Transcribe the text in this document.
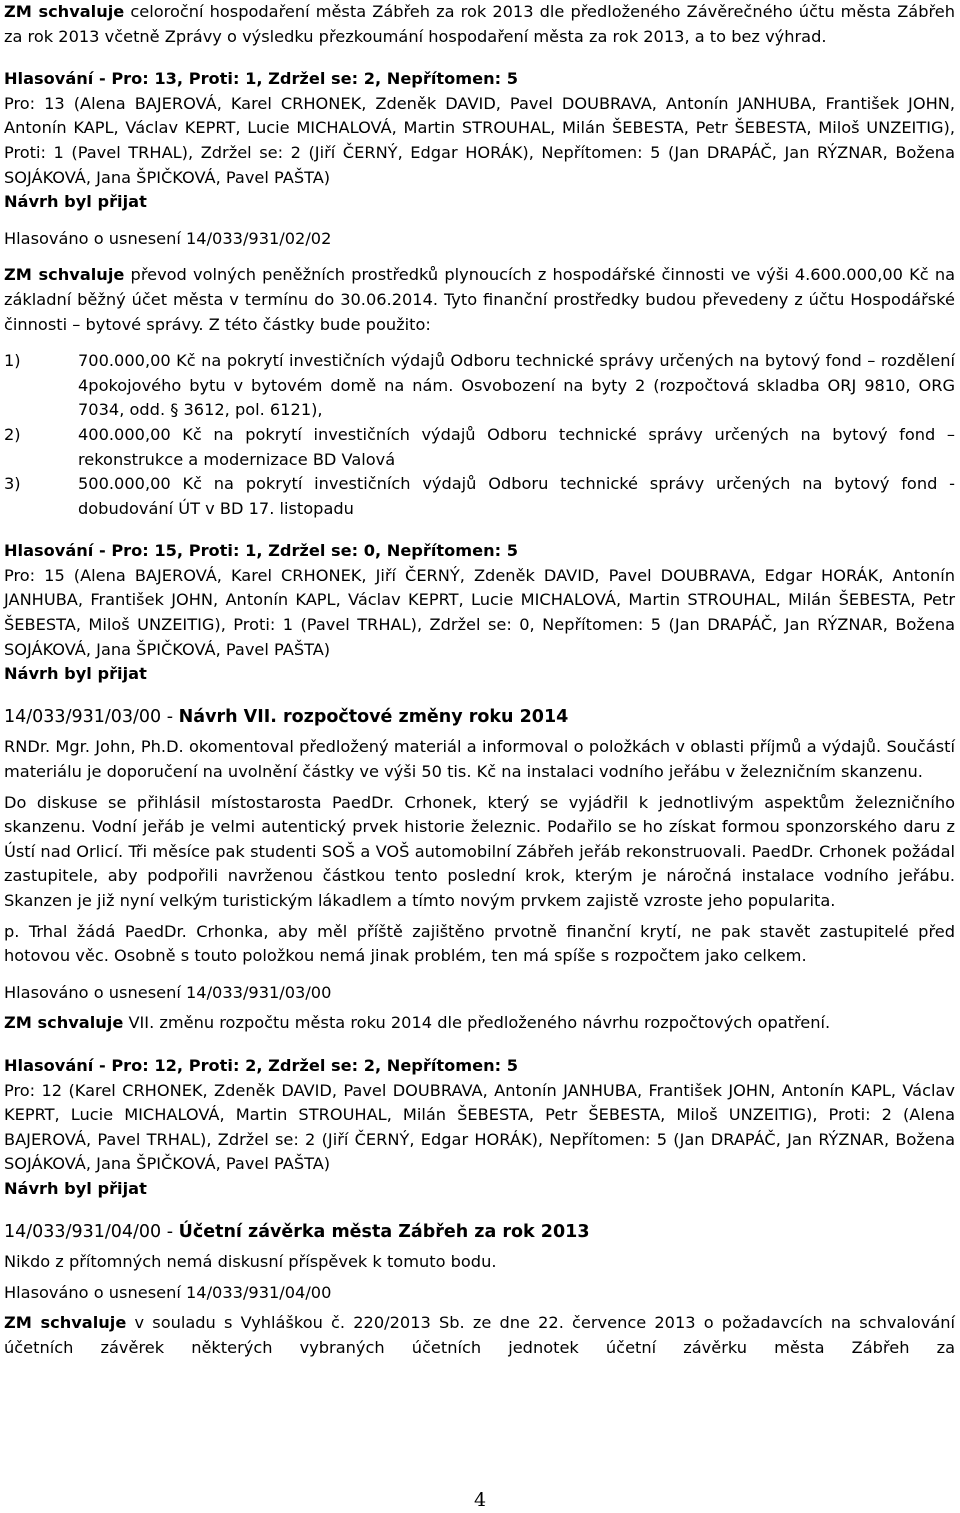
ZM schvaluje celoroční hospodaření města Zábřeh za rok 2013 dle předloženého Závěrečného účtu města Zábřeh za rok 2013 včetně Zprávy o výsledku přezkoumání hospodaření města za rok 2013, a to bez výhrad.

Hlasování - Pro: 13, Proti: 1, Zdržel se: 2, Nepřítomen: 5

Pro: 13 (Alena BAJEROVÁ, Karel CRHONEK, Zdeněk DAVID, Pavel DOUBRAVA, Antonín JANHUBA, František JOHN, Antonín KAPL, Václav KEPRT, Lucie MICHALOVÁ, Martin STROUHAL, Milán ŠEBESTA, Petr ŠEBESTA, Miloš UNZEITIG), Proti: 1 (Pavel TRHAL), Zdržel se: 2 (Jiří ČERNÝ, Edgar HORÁK), Nepřítomen: 5 (Jan DRAPÁČ, Jan RÝZNAR, Božena SOJÁKOVÁ, Jana ŠPIČKOVÁ, Pavel PAŠTA)

Návrh byl přijat

Hlasováno o usnesení 14/033/931/02/02

ZM schvaluje převod volných peněžních prostředků plynoucích z hospodářské činnosti ve výši 4.600.000,00 Kč na základní běžný účet města v termínu do 30.06.2014. Tyto finanční prostředky budou převedeny z účtu Hospodářské činnosti – bytové správy. Z této částky bude použito:

1)	700.000,00 Kč na pokrytí investičních výdajů Odboru technické správy určených na bytový fond – rozdělení 4pokojového bytu v bytovém domě na nám. Osvobození na byty 2 (rozpočtová skladba ORJ 9810, ORG 7034, odd. § 3612, pol. 6121),
2)	400.000,00 Kč na pokrytí investičních výdajů Odboru technické správy určených na bytový fond – rekonstrukce a modernizace BD Valová
3)	500.000,00 Kč na pokrytí investičních výdajů Odboru technické správy určených na bytový fond - dobudování ÚT v BD 17. listopadu

Hlasování - Pro: 15, Proti: 1, Zdržel se: 0, Nepřítomen: 5

Pro: 15 (Alena BAJEROVÁ, Karel CRHONEK, Jiří ČERNÝ, Zdeněk DAVID, Pavel DOUBRAVA, Edgar HORÁK, Antonín JANHUBA, František JOHN, Antonín KAPL, Václav KEPRT, Lucie MICHALOVÁ, Martin STROUHAL, Milán ŠEBESTA, Petr ŠEBESTA, Miloš UNZEITIG), Proti: 1 (Pavel TRHAL), Zdržel se: 0, Nepřítomen: 5 (Jan DRAPÁČ, Jan RÝZNAR, Božena SOJÁKOVÁ, Jana ŠPIČKOVÁ, Pavel PAŠTA)

Návrh byl přijat

14/033/931/03/00 - Návrh VII. rozpočtové změny roku 2014

RNDr. Mgr. John, Ph.D. okomentoval předložený materiál a informoval o položkách v oblasti příjmů a výdajů. Součástí materiálu je doporučení na uvolnění částky ve výši 50 tis. Kč na instalaci vodního jeřábu v železničním skanzenu.

Do diskuse se přihlásil místostarosta PaedDr. Crhonek, který se vyjádřil k jednotlivým aspektům železničního skanzenu. Vodní jeřáb je velmi autentický prvek historie železnic. Podařilo se ho získat formou sponzorského daru z Ústí nad Orlicí. Tři měsíce pak studenti SOŠ a VOŠ automobilní Zábřeh jeřáb rekonstruovali. PaedDr. Crhonek požádal zastupitele, aby podpořili navrženou částkou tento poslední krok, kterým je náročná instalace vodního jeřábu. Skanzen je již nyní velkým turistickým lákadlem a tímto novým prvkem zajistě vzroste jeho popularita.

p. Trhal žádá PaedDr. Crhonka, aby měl příště zajištěno prvotně finanční krytí, ne pak stavět zastupitelé před hotovou věc. Osobně s touto položkou nemá jinak problém, ten má spíše s rozpočtem jako celkem.

Hlasováno o usnesení 14/033/931/03/00

ZM schvaluje VII. změnu rozpočtu města roku 2014 dle předloženého návrhu rozpočtových opatření.

Hlasování - Pro: 12, Proti: 2, Zdržel se: 2, Nepřítomen: 5

Pro: 12 (Karel CRHONEK, Zdeněk DAVID, Pavel DOUBRAVA, Antonín JANHUBA, František JOHN, Antonín KAPL, Václav KEPRT, Lucie MICHALOVÁ, Martin STROUHAL, Milán ŠEBESTA, Petr ŠEBESTA, Miloš UNZEITIG), Proti: 2 (Alena BAJEROVÁ, Pavel TRHAL), Zdržel se: 2 (Jiří ČERNÝ, Edgar HORÁK), Nepřítomen: 5 (Jan DRAPÁČ, Jan RÝZNAR, Božena SOJÁKOVÁ, Jana ŠPIČKOVÁ, Pavel PAŠTA)

Návrh byl přijat

14/033/931/04/00 - Účetní závěrka města Zábřeh za rok 2013

Nikdo z přítomných nemá diskusní příspěvek k tomuto bodu.

Hlasováno o usnesení 14/033/931/04/00

ZM schvaluje v souladu s Vyhláškou č. 220/2013 Sb. ze dne 22. července 2013 o požadavcích na schvalování účetních závěrek některých vybraných účetních jednotek účetní závěrku města Zábřeh za

4
